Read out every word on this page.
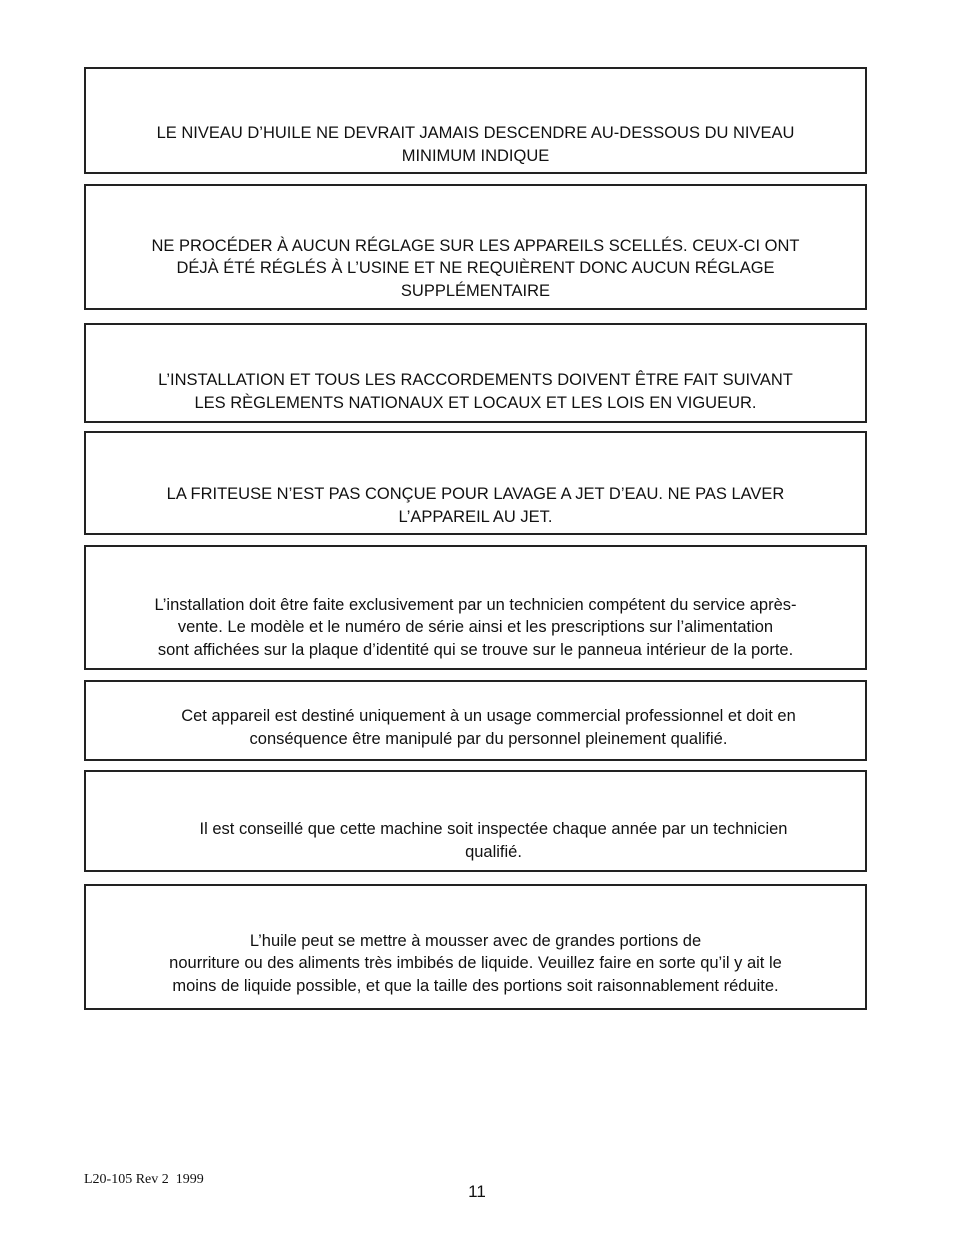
LE NIVEAU D’HUILE NE DEVRAIT JAMAIS DESCENDRE AU-DESSOUS DU NIVEAU
MINIMUM INDIQUE

NE PROCÉDER À AUCUN RÉGLAGE SUR LES APPAREILS SCELLÉS. CEUX-CI ONT
DÉJÀ ÉTÉ RÉGLÉS À L’USINE ET NE REQUIÈRENT DONC AUCUN RÉGLAGE
SUPPLÉMENTAIRE

L’INSTALLATION ET TOUS LES RACCORDEMENTS DOIVENT ÊTRE FAIT SUIVANT
LES RÈGLEMENTS NATIONAUX ET LOCAUX ET LES LOIS EN VIGUEUR.

LA FRITEUSE N’EST PAS CONÇUE POUR LAVAGE A JET D’EAU. NE PAS LAVER
L’APPAREIL AU JET.

L’installation doit être faite exclusivement par un technicien compétent du service après-
vente. Le modèle et le numéro de série ainsi et les prescriptions sur l’alimentation
sont affichées sur la plaque d’identité qui se trouve sur le panneua intérieur de la porte.

Cet appareil est destiné uniquement à un usage commercial professionnel et doit en
conséquence être manipulé par du personnel pleinement qualifié.

Il est conseillé que cette machine soit inspectée chaque année par un technicien
qualifié.

L’huile peut se mettre à mousser avec de grandes portions de
nourriture ou des aliments très imbibés de liquide. Veuillez faire en sorte qu’il y ait le
moins de liquide possible, et que la taille des portions soit raisonnablement réduite.

L20-105 Rev 2  1999
11
